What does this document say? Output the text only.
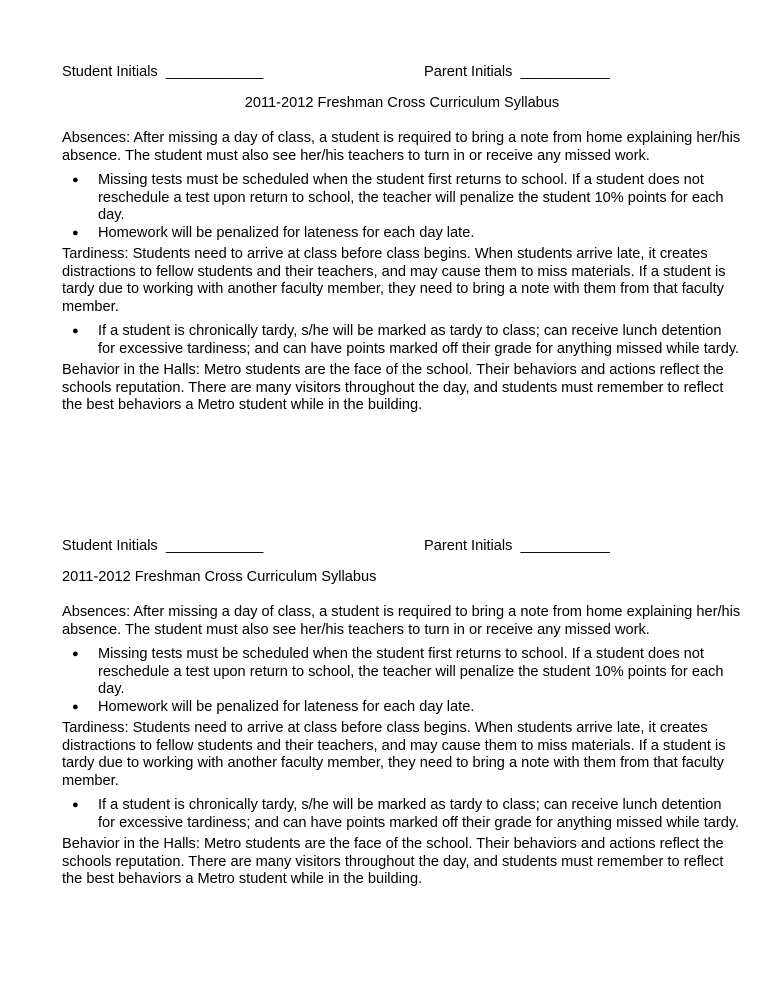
Student Initials  ____________	Parent Initials  ___________
2011-2012 Freshman Cross Curriculum Syllabus

Absences: After missing a day of class, a student is required to bring a note from home explaining her/his absence. The student must also see her/his teachers to turn in or receive any missed work.

● Missing tests must be scheduled when the student first returns to school. If a student does not reschedule a test upon return to school, the teacher will penalize the student 10% points for each day.
● Homework will be penalized for lateness for each day late.

Tardiness: Students need to arrive at class before class begins. When students arrive late, it creates distractions to fellow students and their teachers, and may cause them to miss materials. If a student is tardy due to working with another faculty member, they need to bring a note with them from that faculty member.

● If a student is chronically tardy, s/he will be marked as tardy to class; can receive lunch detention for excessive tardiness; and can have points marked off their grade for anything missed while tardy.

Behavior in the Halls: Metro students are the face of the school. Their behaviors and actions reflect the schools reputation. There are many visitors throughout the day, and students must remember to reflect the best behaviors a Metro student while in the building.

Student Initials  ____________	Parent Initials  ___________
2011-2012 Freshman Cross Curriculum Syllabus

Absences: After missing a day of class, a student is required to bring a note from home explaining her/his absence. The student must also see her/his teachers to turn in or receive any missed work.

● Missing tests must be scheduled when the student first returns to school. If a student does not reschedule a test upon return to school, the teacher will penalize the student 10% points for each day.
● Homework will be penalized for lateness for each day late.

Tardiness: Students need to arrive at class before class begins. When students arrive late, it creates distractions to fellow students and their teachers, and may cause them to miss materials. If a student is tardy due to working with another faculty member, they need to bring a note with them from that faculty member.

● If a student is chronically tardy, s/he will be marked as tardy to class; can receive lunch detention for excessive tardiness; and can have points marked off their grade for anything missed while tardy.

Behavior in the Halls: Metro students are the face of the school. Their behaviors and actions reflect the schools reputation. There are many visitors throughout the day, and students must remember to reflect the best behaviors a Metro student while in the building.
